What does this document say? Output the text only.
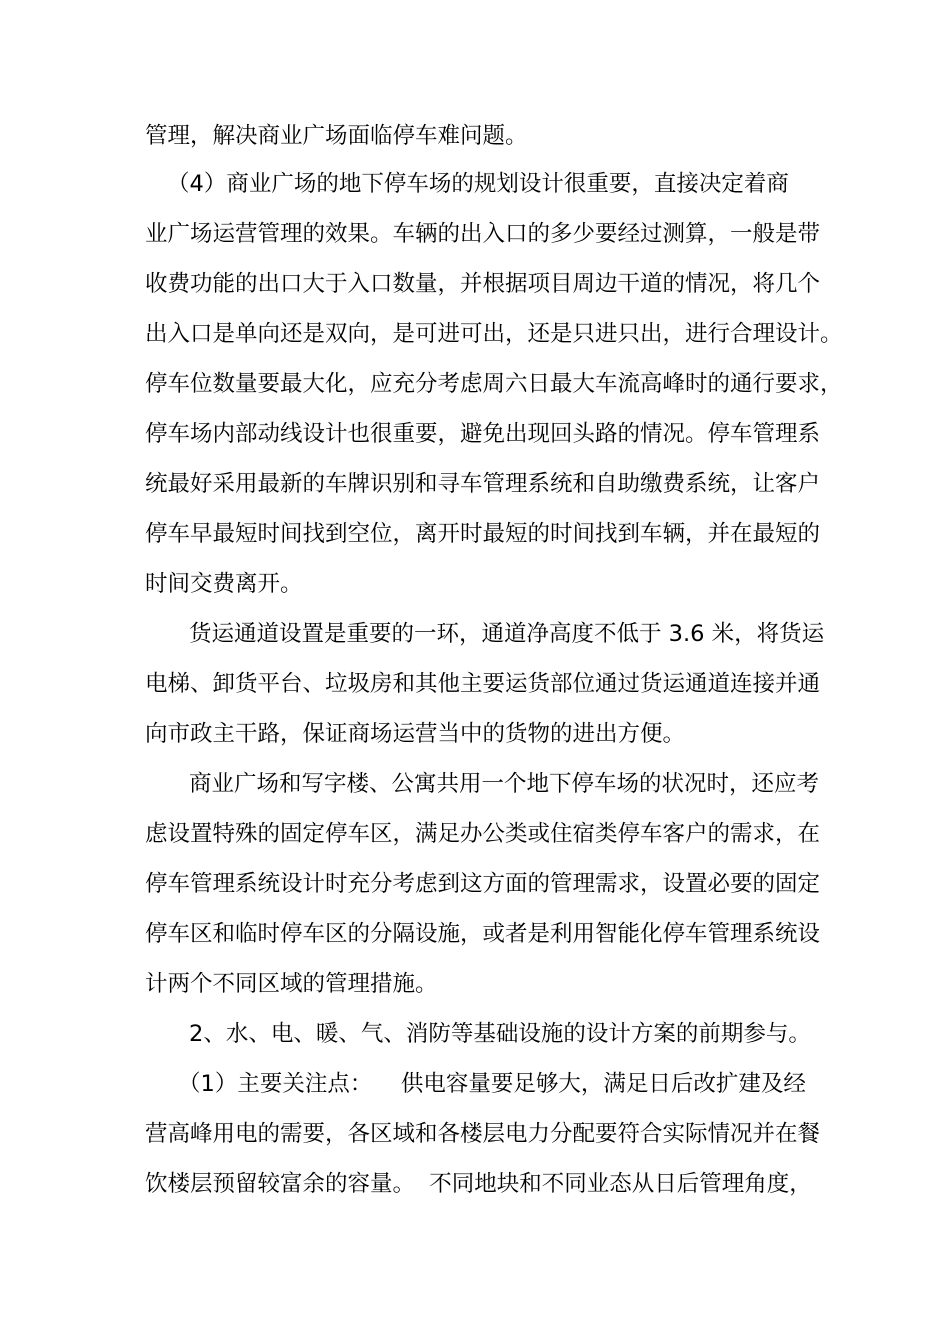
管理，解决商业广场面临停车难问题。
（4）商业广场的地下停车场的规划设计很重要，直接决定着商
业广场运营管理的效果。车辆的出入口的多少要经过测算，一般是带
收费功能的出口大于入口数量，并根据项目周边干道的情况，将几个
出入口是单向还是双向，是可进可出，还是只进只出，进行合理设计。
停车位数量要最大化，应充分考虑周六日最大车流高峰时的通行要求，
停车场内部动线设计也很重要，避免出现回头路的情况。停车管理系
统最好采用最新的车牌识别和寻车管理系统和自助缴费系统，让客户
停车早最短时间找到空位，离开时最短的时间找到车辆，并在最短的
时间交费离开。
货运通道设置是重要的一环，通道净高度不低于 3.6 米，将货运
电梯、卸货平台、垃圾房和其他主要运货部位通过货运通道连接并通
向市政主干路，保证商场运营当中的货物的进出方便。
商业广场和写字楼、公寓共用一个地下停车场的状况时，还应考
虑设置特殊的固定停车区，满足办公类或住宿类停车客户的需求，在
停车管理系统设计时充分考虑到这方面的管理需求，设置必要的固定
停车区和临时停车区的分隔设施，或者是利用智能化停车管理系统设
计两个不同区域的管理措施。
2、水、电、暖、气、消防等基础设施的设计方案的前期参与。
（1）主要关注点：    供电容量要足够大，满足日后改扩建及经
营高峰用电的需要，各区域和各楼层电力分配要符合实际情况并在餐
饮楼层预留较富余的容量。  不同地块和不同业态从日后管理角度，
